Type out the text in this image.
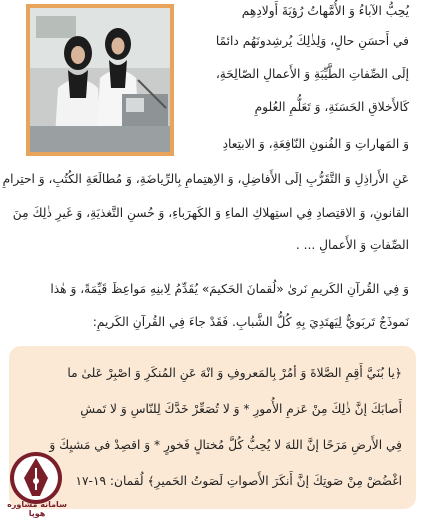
يُحِبُّ الآباءُ وَ الأُمَّهاتُ رُؤيَةَ أَولادِهِم
في أَحسَنِ حالٍ، وَلِذٰلِكَ يُرشِدونَهُم دائمًا
إلَى الصِّفاتِ الطَّيِّبَةِ وَ الأَعمالِ الصّالِحَةِ،
كَالأَخلاقِ الحَسَنَةِ، وَ تَعَلُّمِ العُلومِ
وَ المَهاراتِ وَ الفُنونِ النّافِعَةِ، وَ الابتِعادِ
عَنِ الأَراذِلِ وَ التَّقَرُّبِ إلَى الأَفاضِلِ، وَ الاِهتِمامِ بِالرِّياضَةِ، وَ مُطالَعَةِ الكُتُبِ، وَ احتِرامِ
القانونِ، وَ الاقتِصادِ فِي استِهلاكِ الماءِ وَ الكَهرَباءِ، وَ حُسنِ التَّغذيَةِ، وَ غَيرِ ذٰلِكَ مِنَ
الصِّفاتِ وَ الأَعمالِ ... .
وَ فِي القُرآنِ الكَريمِ نَرىٰ «لُقمانَ الحَكيمَ» يُقَدِّمُ لِابنِهِ مَواعِظَ قَيِّمَةً، وَ هٰذا
نَموذَجٌ تَربَويٌّ لِيَهتَدِيَ بِهِ كُلُّ الشَّبابِ. فَقَدْ جاءَ فِي القُرآنِ الكَريمِ:
﴿يا بُنَيَّ أَقِمِ الصَّلاةَ وَ أمُرْ بِالمَعروفِ وَ انْهَ عَنِ المُنكَرِ وَ اصْبِرْ عَلىٰ ما
أَصابَكَ إنَّ ذٰلِكَ مِنْ عَزمِ الأُمورِ * وَ لا تُصَعِّرْ خَدَّكَ لِلنّاسِ وَ لا تَمشِ
فِي الأَرضِ مَرَحًا إنَّ اللهَ لا يُحِبُّ كُلَّ مُختالٍ فَخورٍ * وَ اقصِدْ في مَشيِكَ وَ
اغْضُضْ مِنْ صَوتِكَ إنَّ أَنكَرَ الأَصواتِ لَصَوتُ الحَميرِ﴾ لُقمان: ١٩-١٧
سامانه مشاوره هوپا
